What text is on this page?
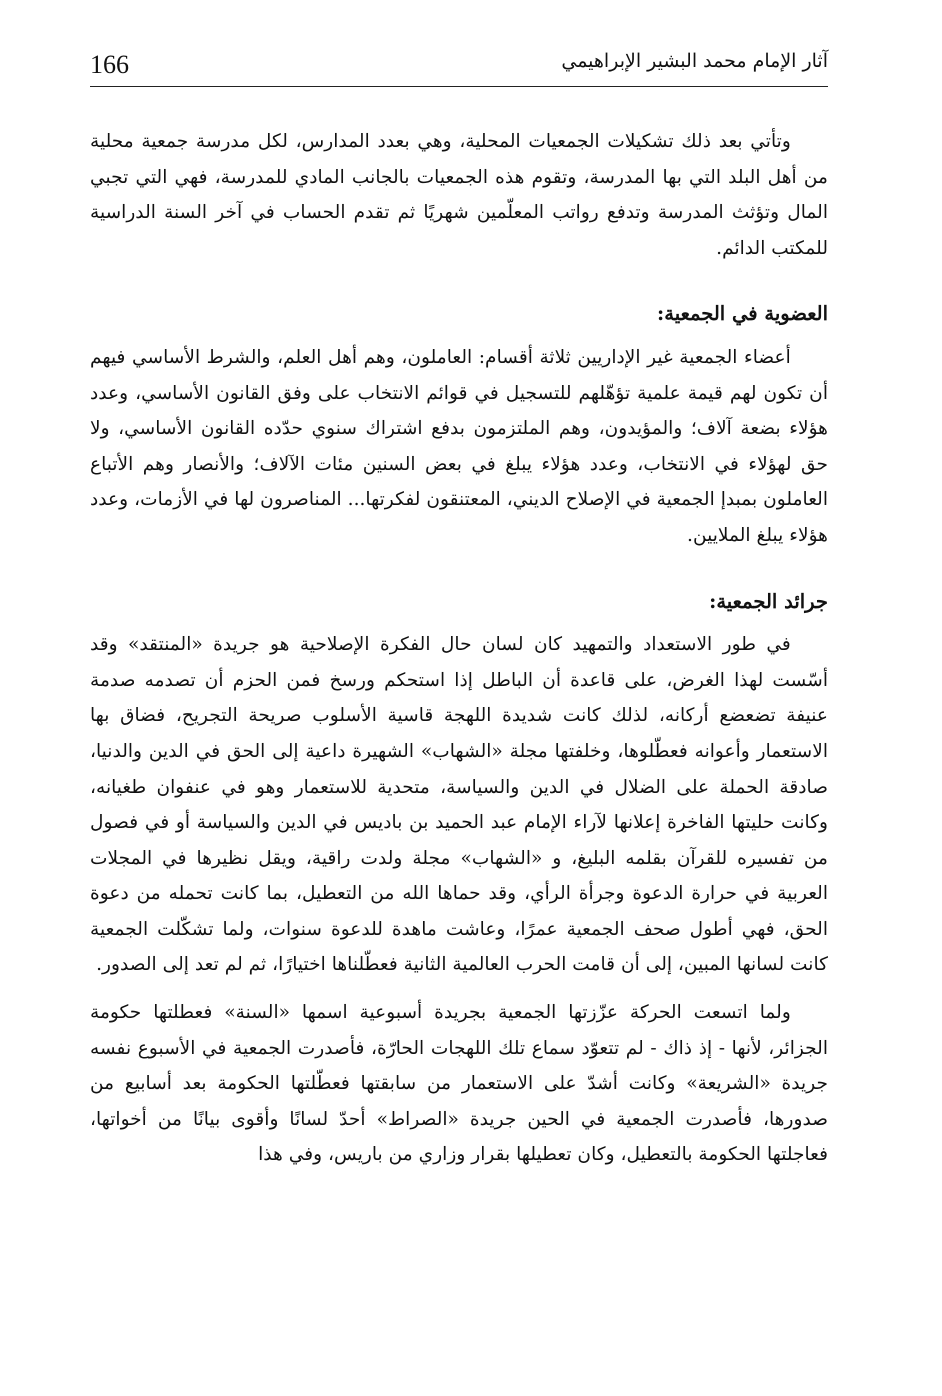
166	آثار الإمام محمد البشير الإبراهيمي

وتأتي بعد ذلك تشكيلات الجمعيات المحلية، وهي بعدد المدارس، لكل مدرسة جمعية محلية من أهل البلد التي بها المدرسة، وتقوم هذه الجمعيات بالجانب المادي للمدرسة، فهي التي تجبي المال وتؤثث المدرسة وتدفع رواتب المعلّمين شهريًا ثم تقدم الحساب في آخر السنة الدراسية للمكتب الدائم.

العضوية في الجمعية:

أعضاء الجمعية غير الإداريين ثلاثة أقسام: العاملون، وهم أهل العلم، والشرط الأساسي فيهم أن تكون لهم قيمة علمية تؤهّلهم للتسجيل في قوائم الانتخاب على وفق القانون الأساسي، وعدد هؤلاء بضعة آلاف؛ والمؤيدون، وهم الملتزمون بدفع اشتراك سنوي حدّده القانون الأساسي، ولا حق لهؤلاء في الانتخاب، وعدد هؤلاء يبلغ في بعض السنين مئات الآلاف؛ والأنصار وهم الأتباع العاملون بمبدإ الجمعية في الإصلاح الديني، المعتنقون لفكرتها... المناصرون لها في الأزمات، وعدد هؤلاء يبلغ الملايين.

جرائد الجمعية:

في طور الاستعداد والتمهيد كان لسان حال الفكرة الإصلاحية هو جريدة «المنتقد» وقد أسّست لهذا الغرض، على قاعدة أن الباطل إذا استحكم ورسخ فمن الحزم أن تصدمه صدمة عنيفة تضعضع أركانه، لذلك كانت شديدة اللهجة قاسية الأسلوب صريحة التجريح، فضاق بها الاستعمار وأعوانه فعطّلوها، وخلفتها مجلة «الشهاب» الشهيرة داعية إلى الحق في الدين والدنيا، صادقة الحملة على الضلال في الدين والسياسة، متحدية للاستعمار وهو في عنفوان طغيانه، وكانت حليتها الفاخرة إعلانها لآراء الإمام عبد الحميد بن باديس في الدين والسياسة أو في فصول من تفسيره للقرآن بقلمه البليغ، و «الشهاب» مجلة ولدت راقية، ويقل نظيرها في المجلات العربية في حرارة الدعوة وجرأة الرأي، وقد حماها الله من التعطيل، بما كانت تحمله من دعوة الحق، فهي أطول صحف الجمعية عمرًا، وعاشت ماهدة للدعوة سنوات، ولما تشكّلت الجمعية كانت لسانها المبين، إلى أن قامت الحرب العالمية الثانية فعطّلناها اختيارًا، ثم لم تعد إلى الصدور.

ولما اتسعت الحركة عزّزتها الجمعية بجريدة أسبوعية اسمها «السنة» فعطلتها حكومة الجزائر، لأنها - إذ ذاك - لم تتعوّد سماع تلك اللهجات الحارّة، فأصدرت الجمعية في الأسبوع نفسه جريدة «الشريعة» وكانت أشدّ على الاستعمار من سابقتها فعطّلتها الحكومة بعد أسابيع من صدورها، فأصدرت الجمعية في الحين جريدة «الصراط» أحدّ لسانًا وأقوى بيانًا من أخواتها، فعاجلتها الحكومة بالتعطيل، وكان تعطيلها بقرار وزاري من باريس، وفي هذا
